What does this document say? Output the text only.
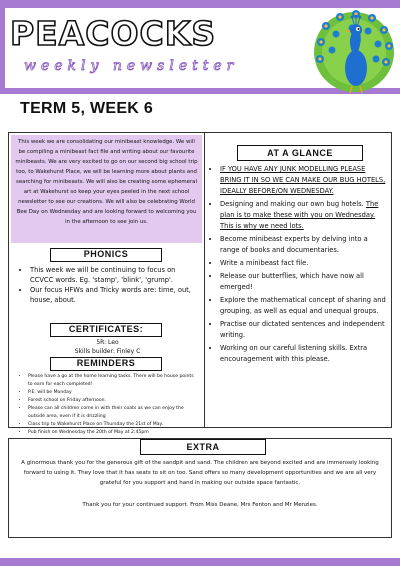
PEACOCKS
weekly newsletter
TERM 5, WEEK 6
This week we are consolidating our minibeast knowledge. We will be compiling a minibeast fact file and writing about our favourite minibeasts. We are very excited to go on our second big school trip too, to Wakehurst Place, we will be learning more about plants and searching for minibeasts. We will also be creating some ephemeral art at Wakehurst so keep your eyes peeled in the next school newsletter to see our creations. We will also be celebrating World Bee Day on Wednesday and are looking forward to welcoming you in the afternoon to see join us.
PHONICS
• This week we will be continuing to focus on CCVCC words. Eg. 'stamp', 'blink', 'grump'.
• Our focus HFWs and Tricky words are: time, out, house, about.
CERTIFICATES:
5R: Leo
Skills builder: Finley C
REMINDERS
• Please have a go at the home learning tasks. There will be house points to earn for each completed!
• P.E. will be Monday
• Forest school on Friday afternoon.
• Please can all children come in with their coats as we can enjoy the outside area, even if it is drizzling
• Class trip to Wakehurst Place on Thursday the 21st of May.
• Pub finish on Wednesday the 20th of May at 2:45pm
AT A GLANCE
• IF YOU HAVE ANY JUNK MODELLING PLEASE BRING IT IN SO WE CAN MAKE OUR BUG HOTELS, IDEALLY BEFORE/ON WEDNESDAY.
• Designing and making our own bug hotels. The plan is to make these with you on Wednesday. This is why we need lots.
• Become minibeast experts by delving into a range of books and documentaries.
• Write a minibeast fact file.
• Release our butterflies, which have now all emerged!
• Explore the mathematical concept of sharing and grouping, as well as equal and unequal groups.
• Practise our dictated sentences and independent writing.
• Working on our careful listening skills. Extra encouragement with this please.
EXTRA
A ginormous thank you for the generous gift of the sandpit and sand. The children are beyond excited and are immensely looking forward to using it. They love that it has seats to sit on too. Sand offers so many development opportunities and we are all very grateful for you support and hand in making our outside space fantastic.
Thank you for your continued support. From Miss Deane, Mrs Fenton and Mr Menzies.
